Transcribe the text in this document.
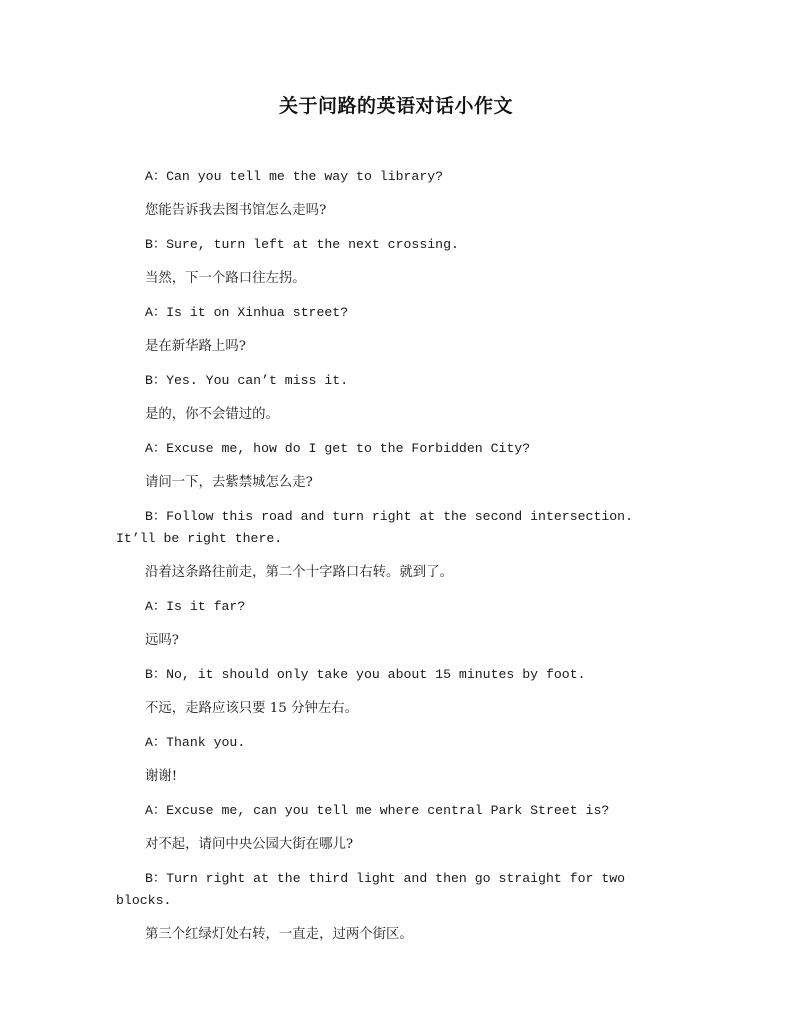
关于问路的英语对话小作文

A：Can you tell me the way to library?

您能告诉我去图书馆怎么走吗?

B：Sure, turn left at the next crossing.

当然，下一个路口往左拐。

A：Is it on Xinhua street?

是在新华路上吗?

B：Yes. You can’t miss it.

是的，你不会错过的。

A：Excuse me, how do I get to the Forbidden City?

请问一下，去紫禁城怎么走?

B：Follow this road and turn right at the second intersection. It’ll be right there.

沿着这条路往前走，第二个十字路口右转。就到了。

A：Is it far?

远吗?

B：No, it should only take you about 15 minutes by foot.

不远，走路应该只要 15 分钟左右。

A：Thank you.

谢谢!

A：Excuse me, can you tell me where central Park Street is?

对不起，请问中央公园大街在哪儿?

B：Turn right at the third light and then go straight for two blocks.

第三个红绿灯处右转，一直走，过两个街区。
